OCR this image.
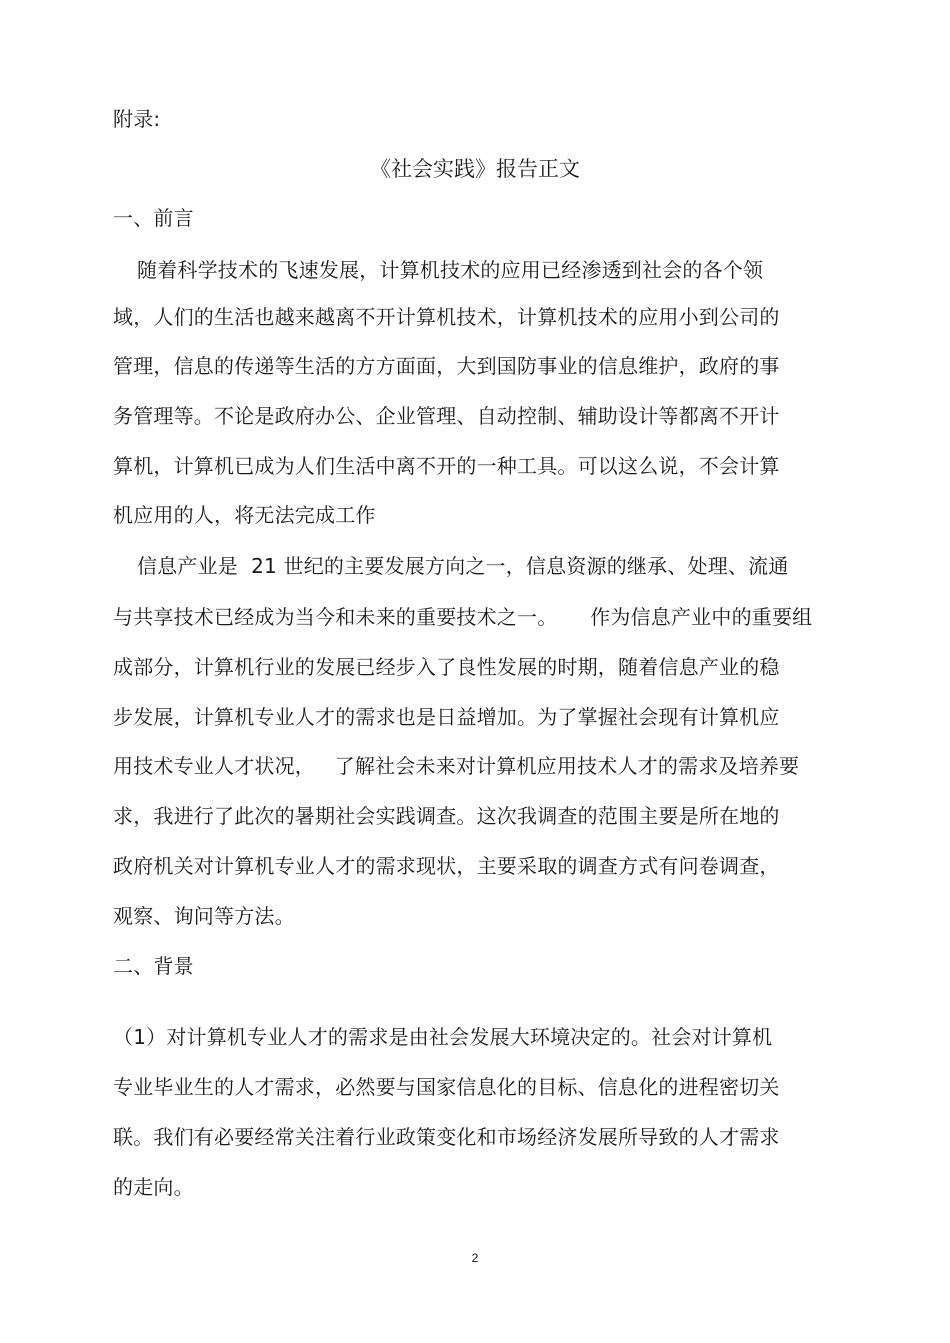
附录:
《社会实践》报告正文
一、前言
随着科学技术的飞速发展，计算机技术的应用已经渗透到社会的各个领
域，人们的生活也越来越离不开计算机技术，计算机技术的应用小到公司的
管理，信息的传递等生活的方方面面，大到国防事业的信息维护，政府的事
务管理等。不论是政府办公、企业管理、自动控制、辅助设计等都离不开计
算机，计算机已成为人们生活中离不开的一种工具。可以这么说，不会计算
机应用的人，将无法完成工作
信息产业是  21 世纪的主要发展方向之一，信息资源的继承、处理、流通
与共享技术已经成为当今和未来的重要技术之一。     作为信息产业中的重要组
成部分，计算机行业的发展已经步入了良性发展的时期，随着信息产业的稳
步发展，计算机专业人才的需求也是日益增加。为了掌握社会现有计算机应
用技术专业人才状况，   了解社会未来对计算机应用技术人才的需求及培养要
求，我进行了此次的暑期社会实践调查。这次我调查的范围主要是所在地的
政府机关对计算机专业人才的需求现状，主要采取的调查方式有问卷调查，
观察、询问等方法。
二、背景
（1）对计算机专业人才的需求是由社会发展大环境决定的。社会对计算机
专业毕业生的人才需求，必然要与国家信息化的目标、信息化的进程密切关
联。我们有必要经常关注着行业政策变化和市场经济发展所导致的人才需求
的走向。
2
